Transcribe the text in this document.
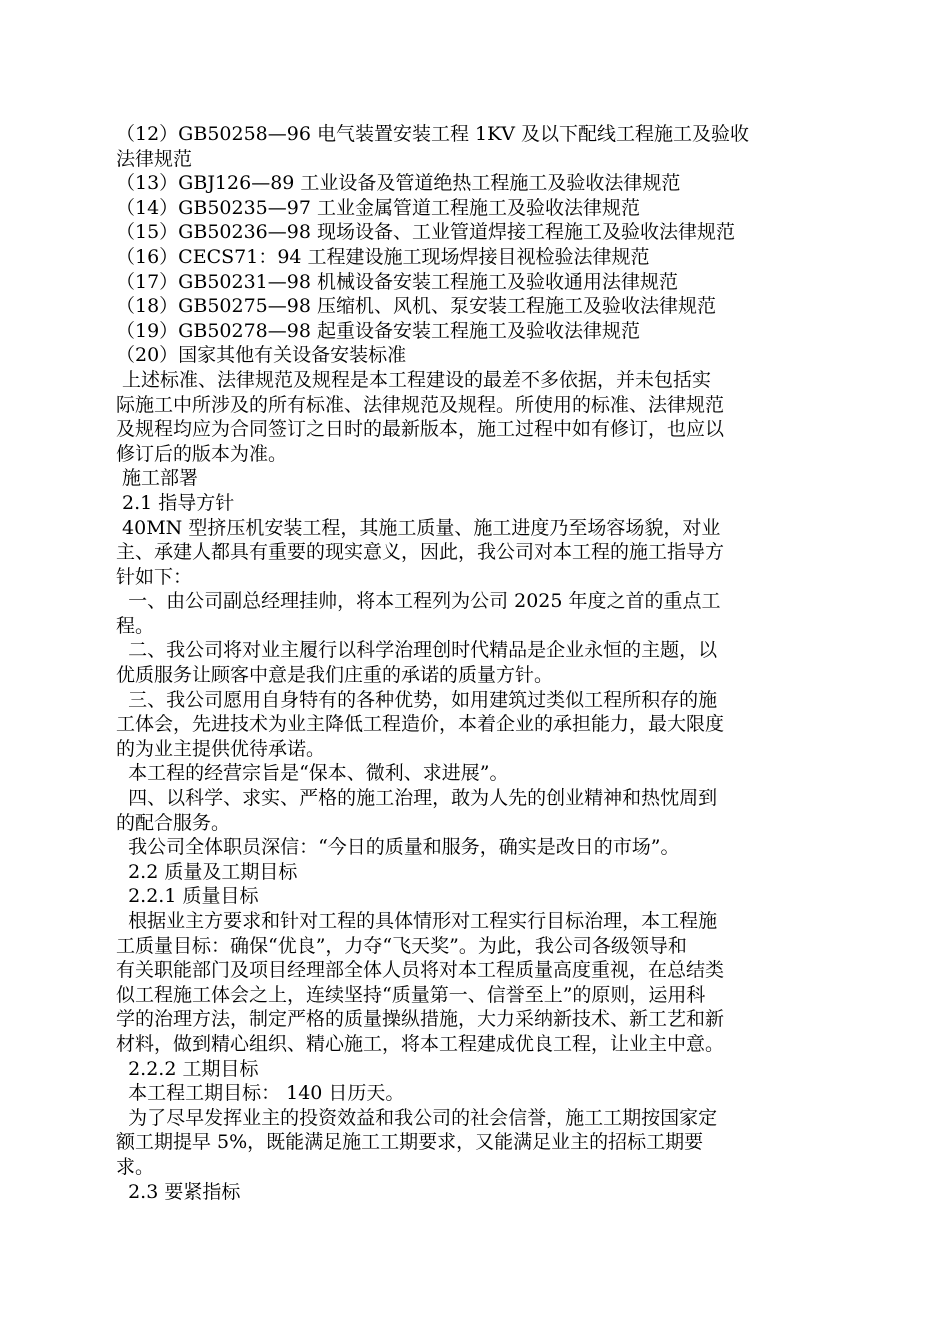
（12）GB50258—96 电气装置安装工程 1KV 及以下配线工程施工及验收
法律规范
（13）GBJ126—89 工业设备及管道绝热工程施工及验收法律规范
（14）GB50235—97 工业金属管道工程施工及验收法律规范
（15）GB50236—98 现场设备、工业管道焊接工程施工及验收法律规范
（16）CECS71：94 工程建设施工现场焊接目视检验法律规范
（17）GB50231—98 机械设备安装工程施工及验收通用法律规范
（18）GB50275—98 压缩机、风机、泵安装工程施工及验收法律规范
（19）GB50278—98 起重设备安装工程施工及验收法律规范
（20）国家其他有关设备安装标准
上述标准、法律规范及规程是本工程建设的最差不多依据，并未包括实
际施工中所涉及的所有标准、法律规范及规程。所使用的标准、法律规范
及规程均应为合同签订之日时的最新版本，施工过程中如有修订，也应以
修订后的版本为准。
施工部署
2.1 指导方针
40MN 型挤压机安装工程，其施工质量、施工进度乃至场容场貌，对业
主、承建人都具有重要的现实意义，因此，我公司对本工程的施工指导方
针如下：
一、由公司副总经理挂帅，将本工程列为公司 2025 年度之首的重点工
程。
二、我公司将对业主履行以科学治理创时代精品是企业永恒的主题，以
优质服务让顾客中意是我们庄重的承诺的质量方针。
三、我公司愿用自身特有的各种优势，如用建筑过类似工程所积存的施
工体会，先进技术为业主降低工程造价，本着企业的承担能力，最大限度
的为业主提供优待承诺。
本工程的经营宗旨是“保本、微利、求进展”。
四、以科学、求实、严格的施工治理，敢为人先的创业精神和热忱周到
的配合服务。
我公司全体职员深信：“今日的质量和服务，确实是改日的市场”。
2.2 质量及工期目标
2.2.1 质量目标
根据业主方要求和针对工程的具体情形对工程实行目标治理，本工程施
工质量目标：确保“优良”，力夺“飞天奖”。为此，我公司各级领导和
有关职能部门及项目经理部全体人员将对本工程质量高度重视，在总结类
似工程施工体会之上，连续坚持“质量第一、信誉至上”的原则，运用科
学的治理方法，制定严格的质量操纵措施，大力采纳新技术、新工艺和新
材料，做到精心组织、精心施工，将本工程建成优良工程，让业主中意。
2.2.2 工期目标
本工程工期目标： 140 日历天。
为了尽早发挥业主的投资效益和我公司的社会信誉，施工工期按国家定
额工期提早 5%，既能满足施工工期要求，又能满足业主的招标工期要
求。
2.3 要紧指标
